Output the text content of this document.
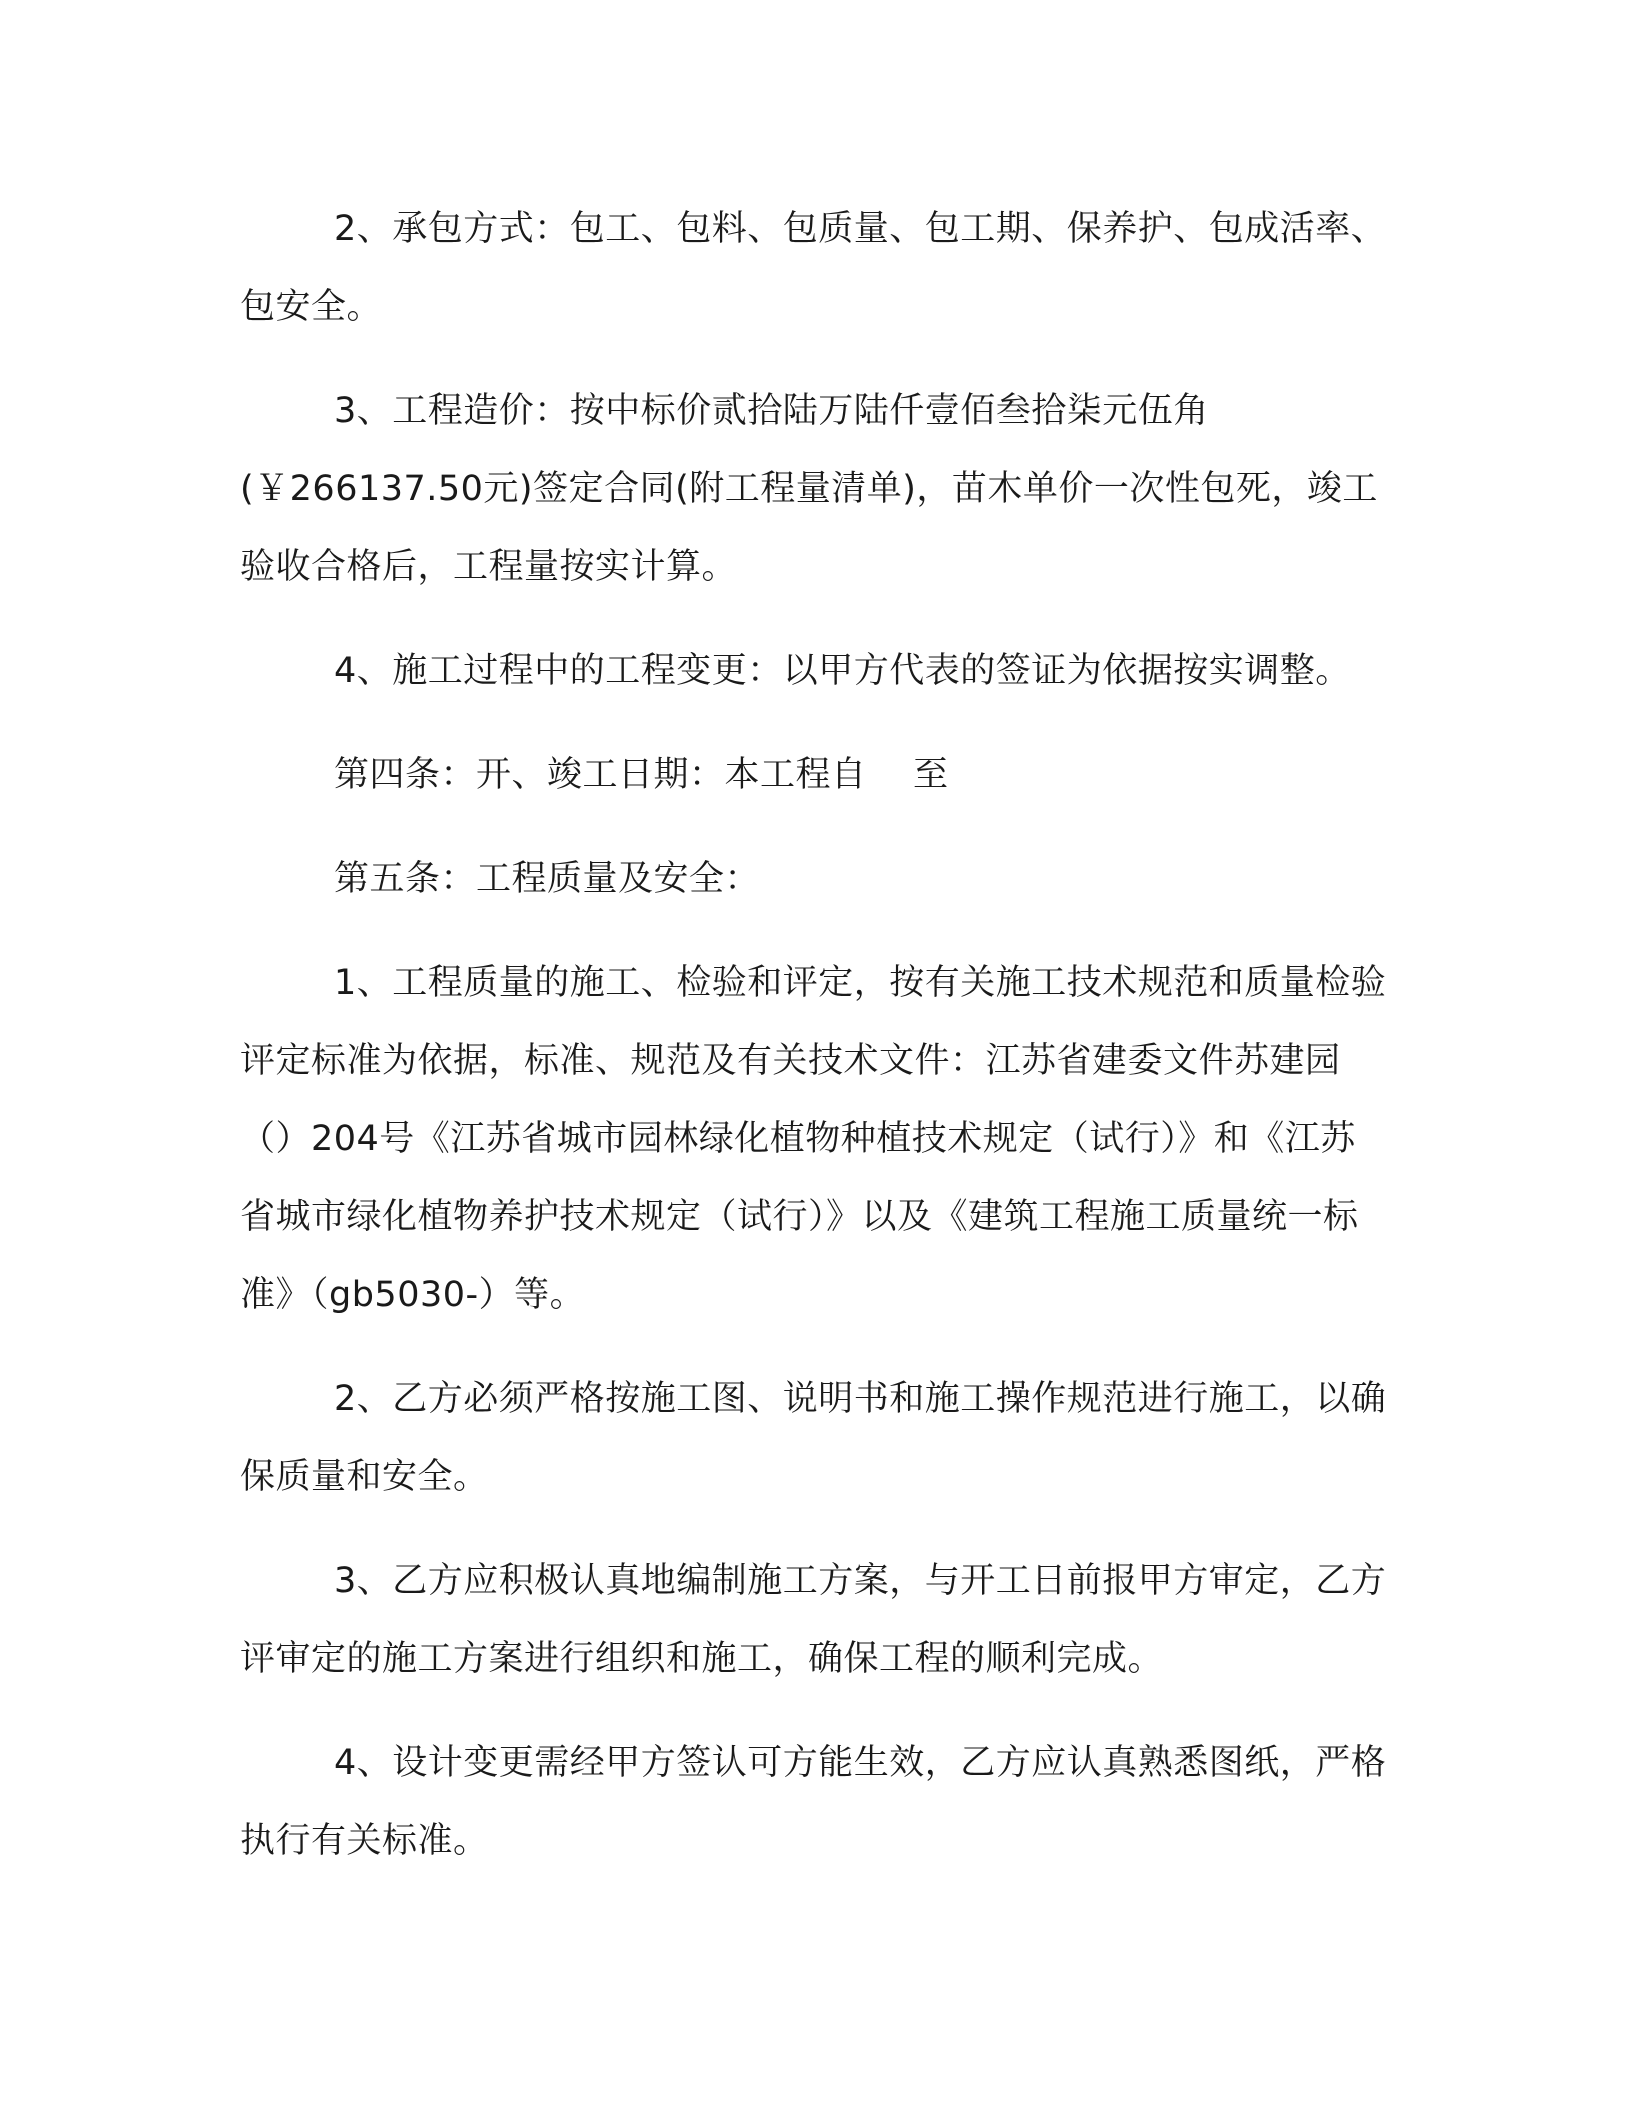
2、承包方式：包工、包料、包质量、包工期、保养护、包成活率、包安全。

3、工程造价：按中标价贰拾陆万陆仟壹佰叁拾柒元伍角(￥266137.50元)签定合同(附工程量清单)，苗木单价一次性包死，竣工验收合格后，工程量按实计算。

4、施工过程中的工程变更：以甲方代表的签证为依据按实调整。

第四条：开、竣工日期：本工程自    至

第五条：工程质量及安全：

1、工程质量的施工、检验和评定，按有关施工技术规范和质量检验评定标准为依据，标准、规范及有关技术文件：江苏省建委文件苏建园（）204号《江苏省城市园林绿化植物种植技术规定（试行）》和《江苏省城市绿化植物养护技术规定（试行）》以及《建筑工程施工质量统一标准》（gb5030-）等。

2、乙方必须严格按施工图、说明书和施工操作规范进行施工，以确保质量和安全。

3、乙方应积极认真地编制施工方案，与开工日前报甲方审定，乙方评审定的施工方案进行组织和施工，确保工程的顺利完成。

4、设计变更需经甲方签认可方能生效，乙方应认真熟悉图纸，严格执行有关标准。
